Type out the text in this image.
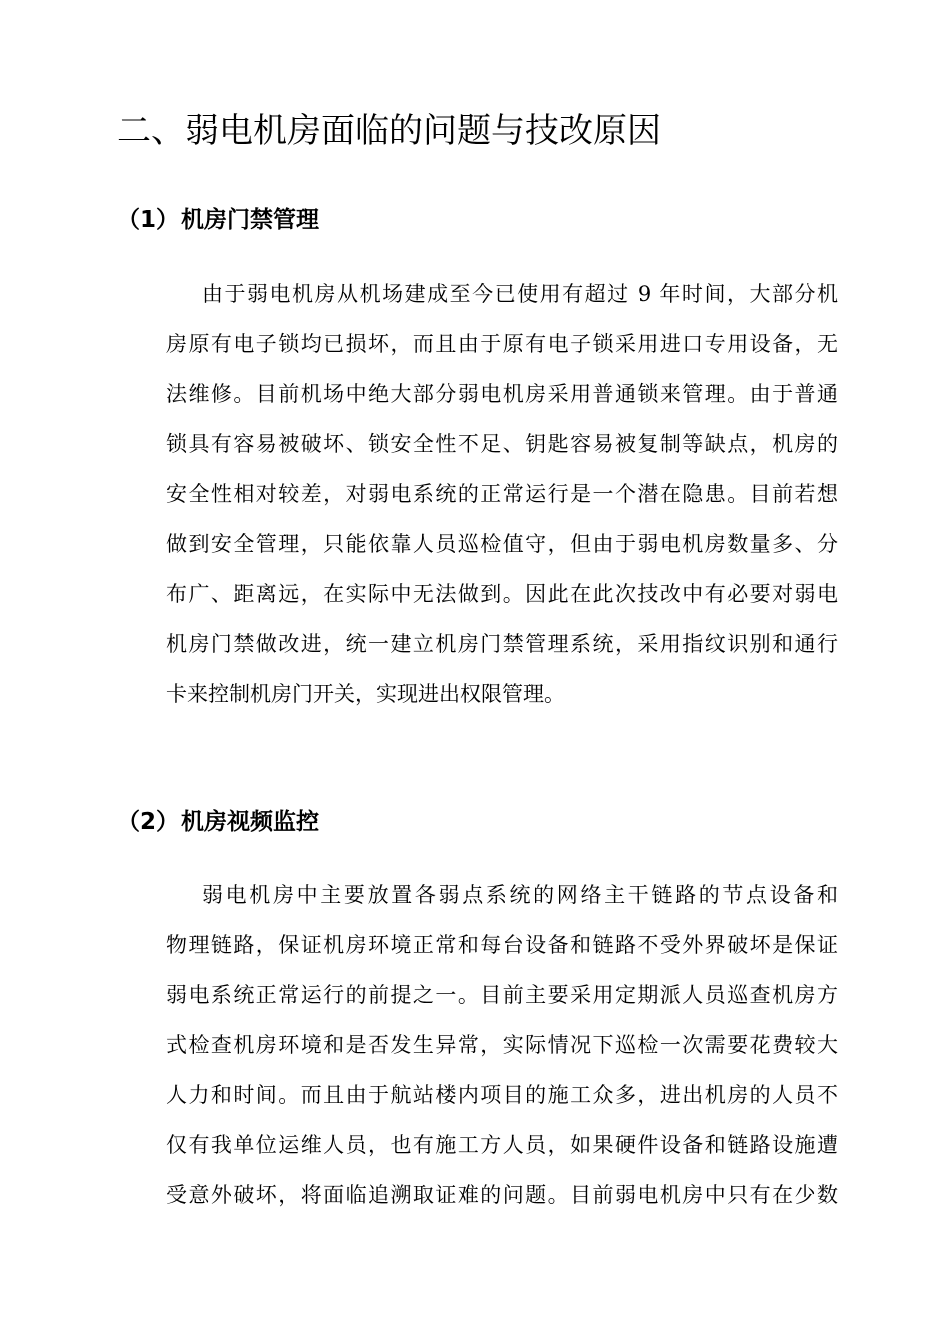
二、弱电机房面临的问题与技改原因
（1）机房门禁管理
由于弱电机房从机场建成至今已使用有超过 9 年时间，大部分机
房原有电子锁均已损坏，而且由于原有电子锁采用进口专用设备，无
法维修。目前机场中绝大部分弱电机房采用普通锁来管理。由于普通
锁具有容易被破坏、锁安全性不足、钥匙容易被复制等缺点，机房的
安全性相对较差，对弱电系统的正常运行是一个潜在隐患。目前若想
做到安全管理，只能依靠人员巡检值守，但由于弱电机房数量多、分
布广、距离远，在实际中无法做到。因此在此次技改中有必要对弱电
机房门禁做改进，统一建立机房门禁管理系统，采用指纹识别和通行
卡来控制机房门开关，实现进出权限管理。
（2）机房视频监控
弱电机房中主要放置各弱点系统的网络主干链路的节点设备和
物理链路，保证机房环境正常和每台设备和链路不受外界破坏是保证
弱电系统正常运行的前提之一。目前主要采用定期派人员巡查机房方
式检查机房环境和是否发生异常，实际情况下巡检一次需要花费较大
人力和时间。而且由于航站楼内项目的施工众多，进出机房的人员不
仅有我单位运维人员，也有施工方人员，如果硬件设备和链路设施遭
受意外破坏，将面临追溯取证难的问题。目前弱电机房中只有在少数
